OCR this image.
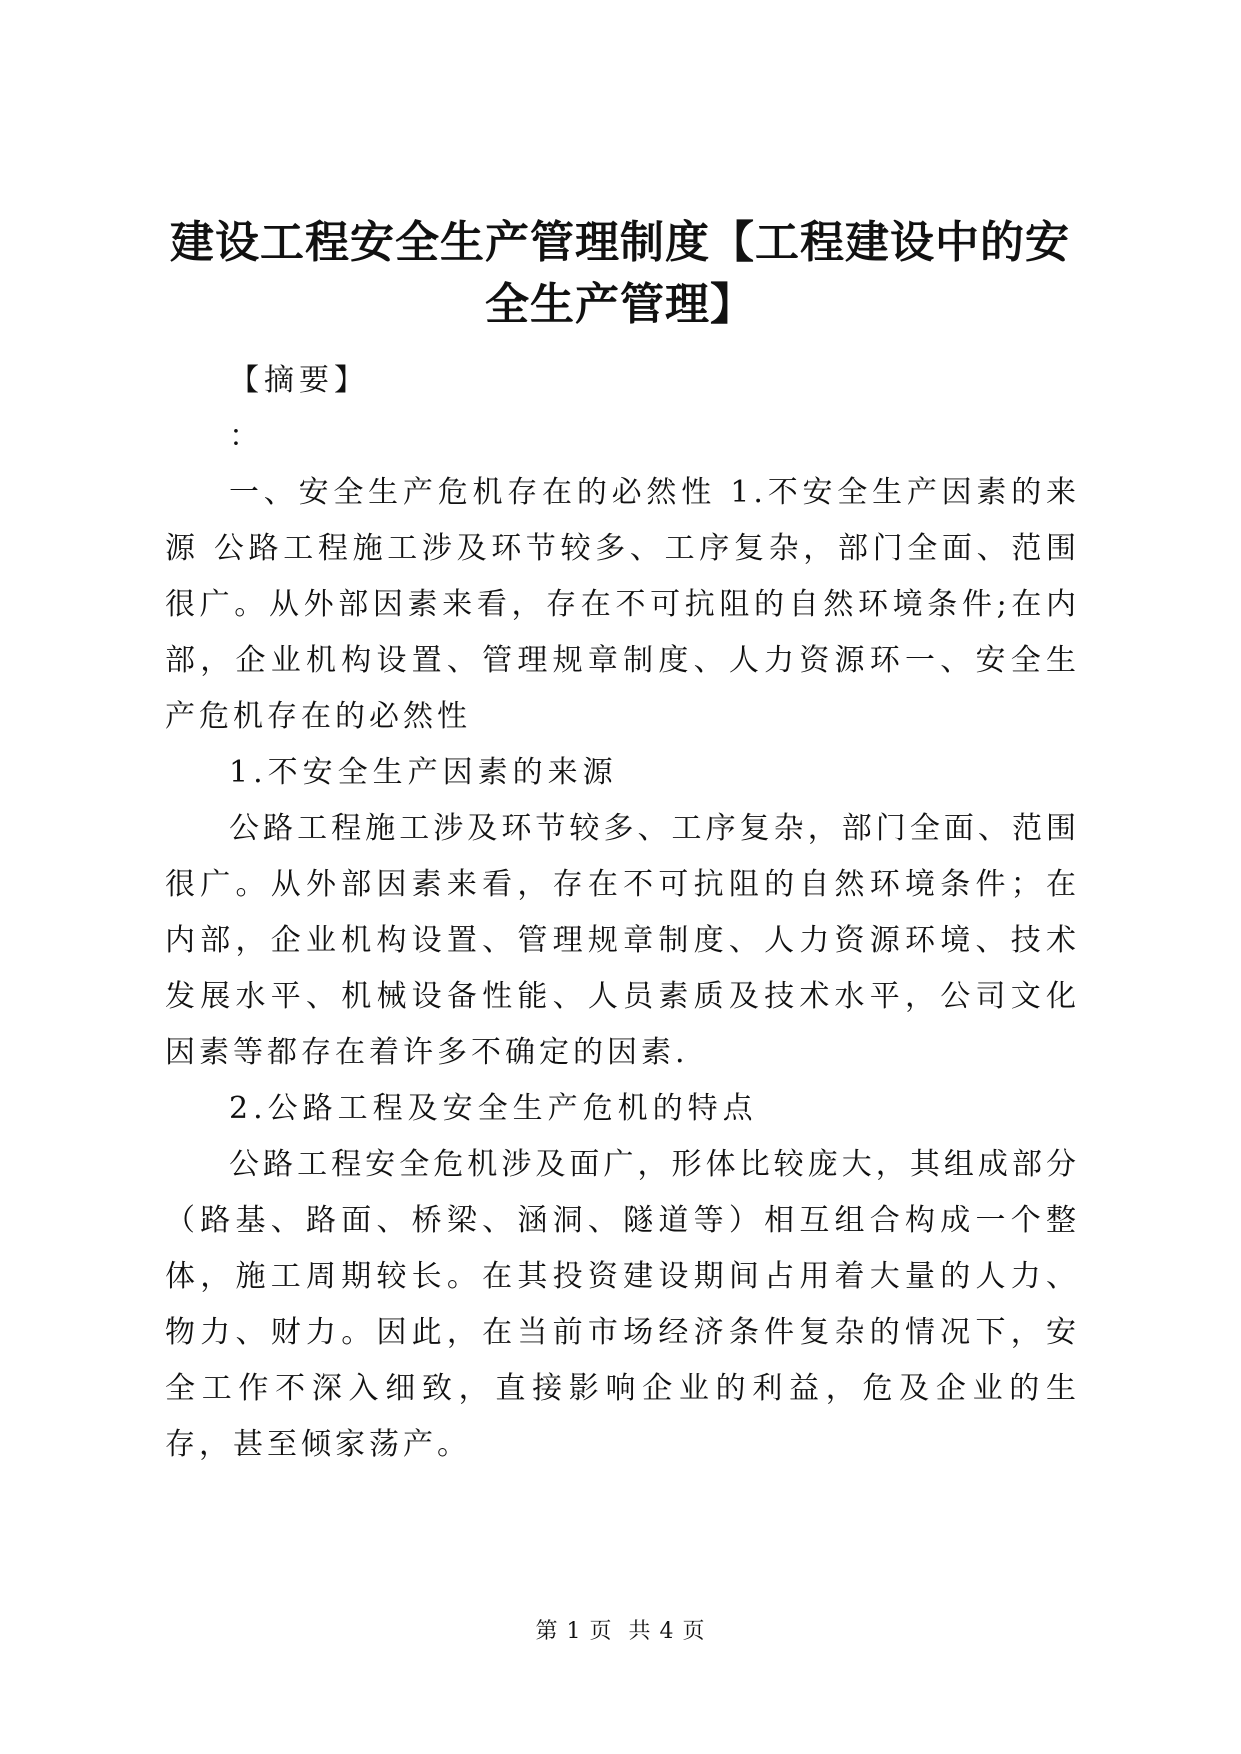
建设工程安全生产管理制度【工程建设中的安全生产管理】

【摘要】

：

一、安全生产危机存在的必然性 1.不安全生产因素的来源 公路工程施工涉及环节较多、工序复杂，部门全面、范围很广。从外部因素来看，存在不可抗阻的自然环境条件;在内部，企业机构设置、管理规章制度、人力资源环一、安全生产危机存在的必然性

1.不安全生产因素的来源

公路工程施工涉及环节较多、工序复杂，部门全面、范围很广。从外部因素来看，存在不可抗阻的自然环境条件；在内部，企业机构设置、管理规章制度、人力资源环境、技术发展水平、机械设备性能、人员素质及技术水平，公司文化因素等都存在着许多不确定的因素.

2.公路工程及安全生产危机的特点

公路工程安全危机涉及面广，形体比较庞大，其组成部分（路基、路面、桥梁、涵洞、隧道等）相互组合构成一个整体，施工周期较长。在其投资建设期间占用着大量的人力、物力、财力。因此，在当前市场经济条件复杂的情况下，安全工作不深入细致，直接影响企业的利益，危及企业的生存，甚至倾家荡产。

第 1 页  共 4 页
